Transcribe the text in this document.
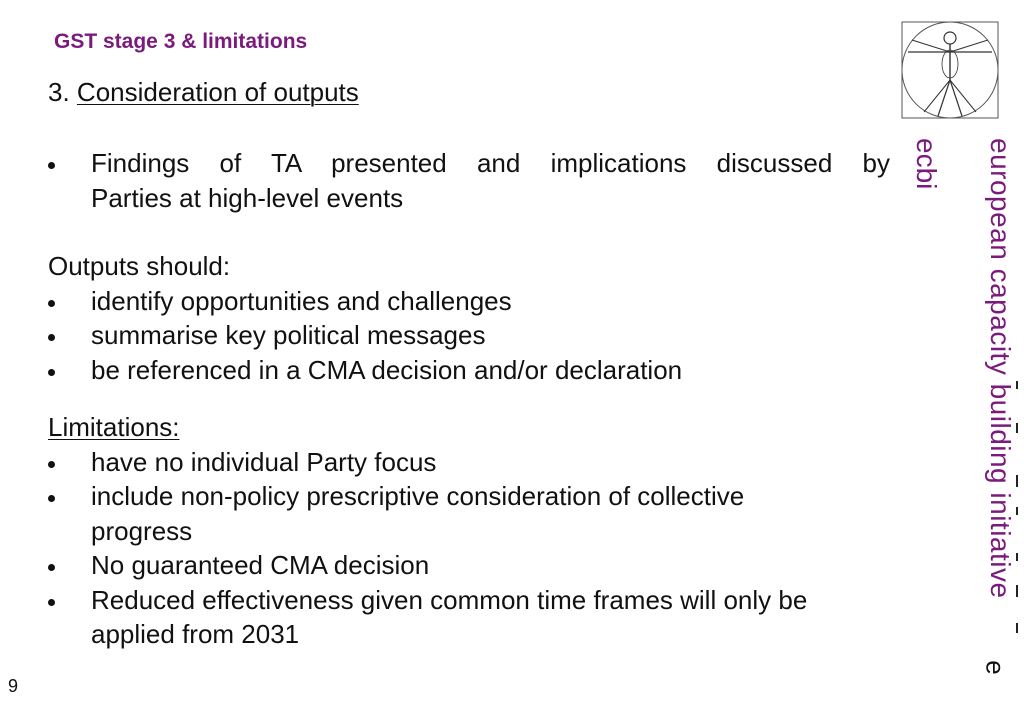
GST stage 3 & limitations
3. Consideration of outputs
Findings of TA presented and implications discussed by
Parties at high-level events
Outputs should:
identify opportunities and challenges
summarise key political messages
be referenced in a CMA decision and/or declaration
Limitations:
have no individual Party focus
include non-policy prescriptive consideration of collective progress
No guaranteed CMA decision
Reduced effectiveness given common time frames will only be applied from 2031
9
ecbi european capacity building initiative
e
